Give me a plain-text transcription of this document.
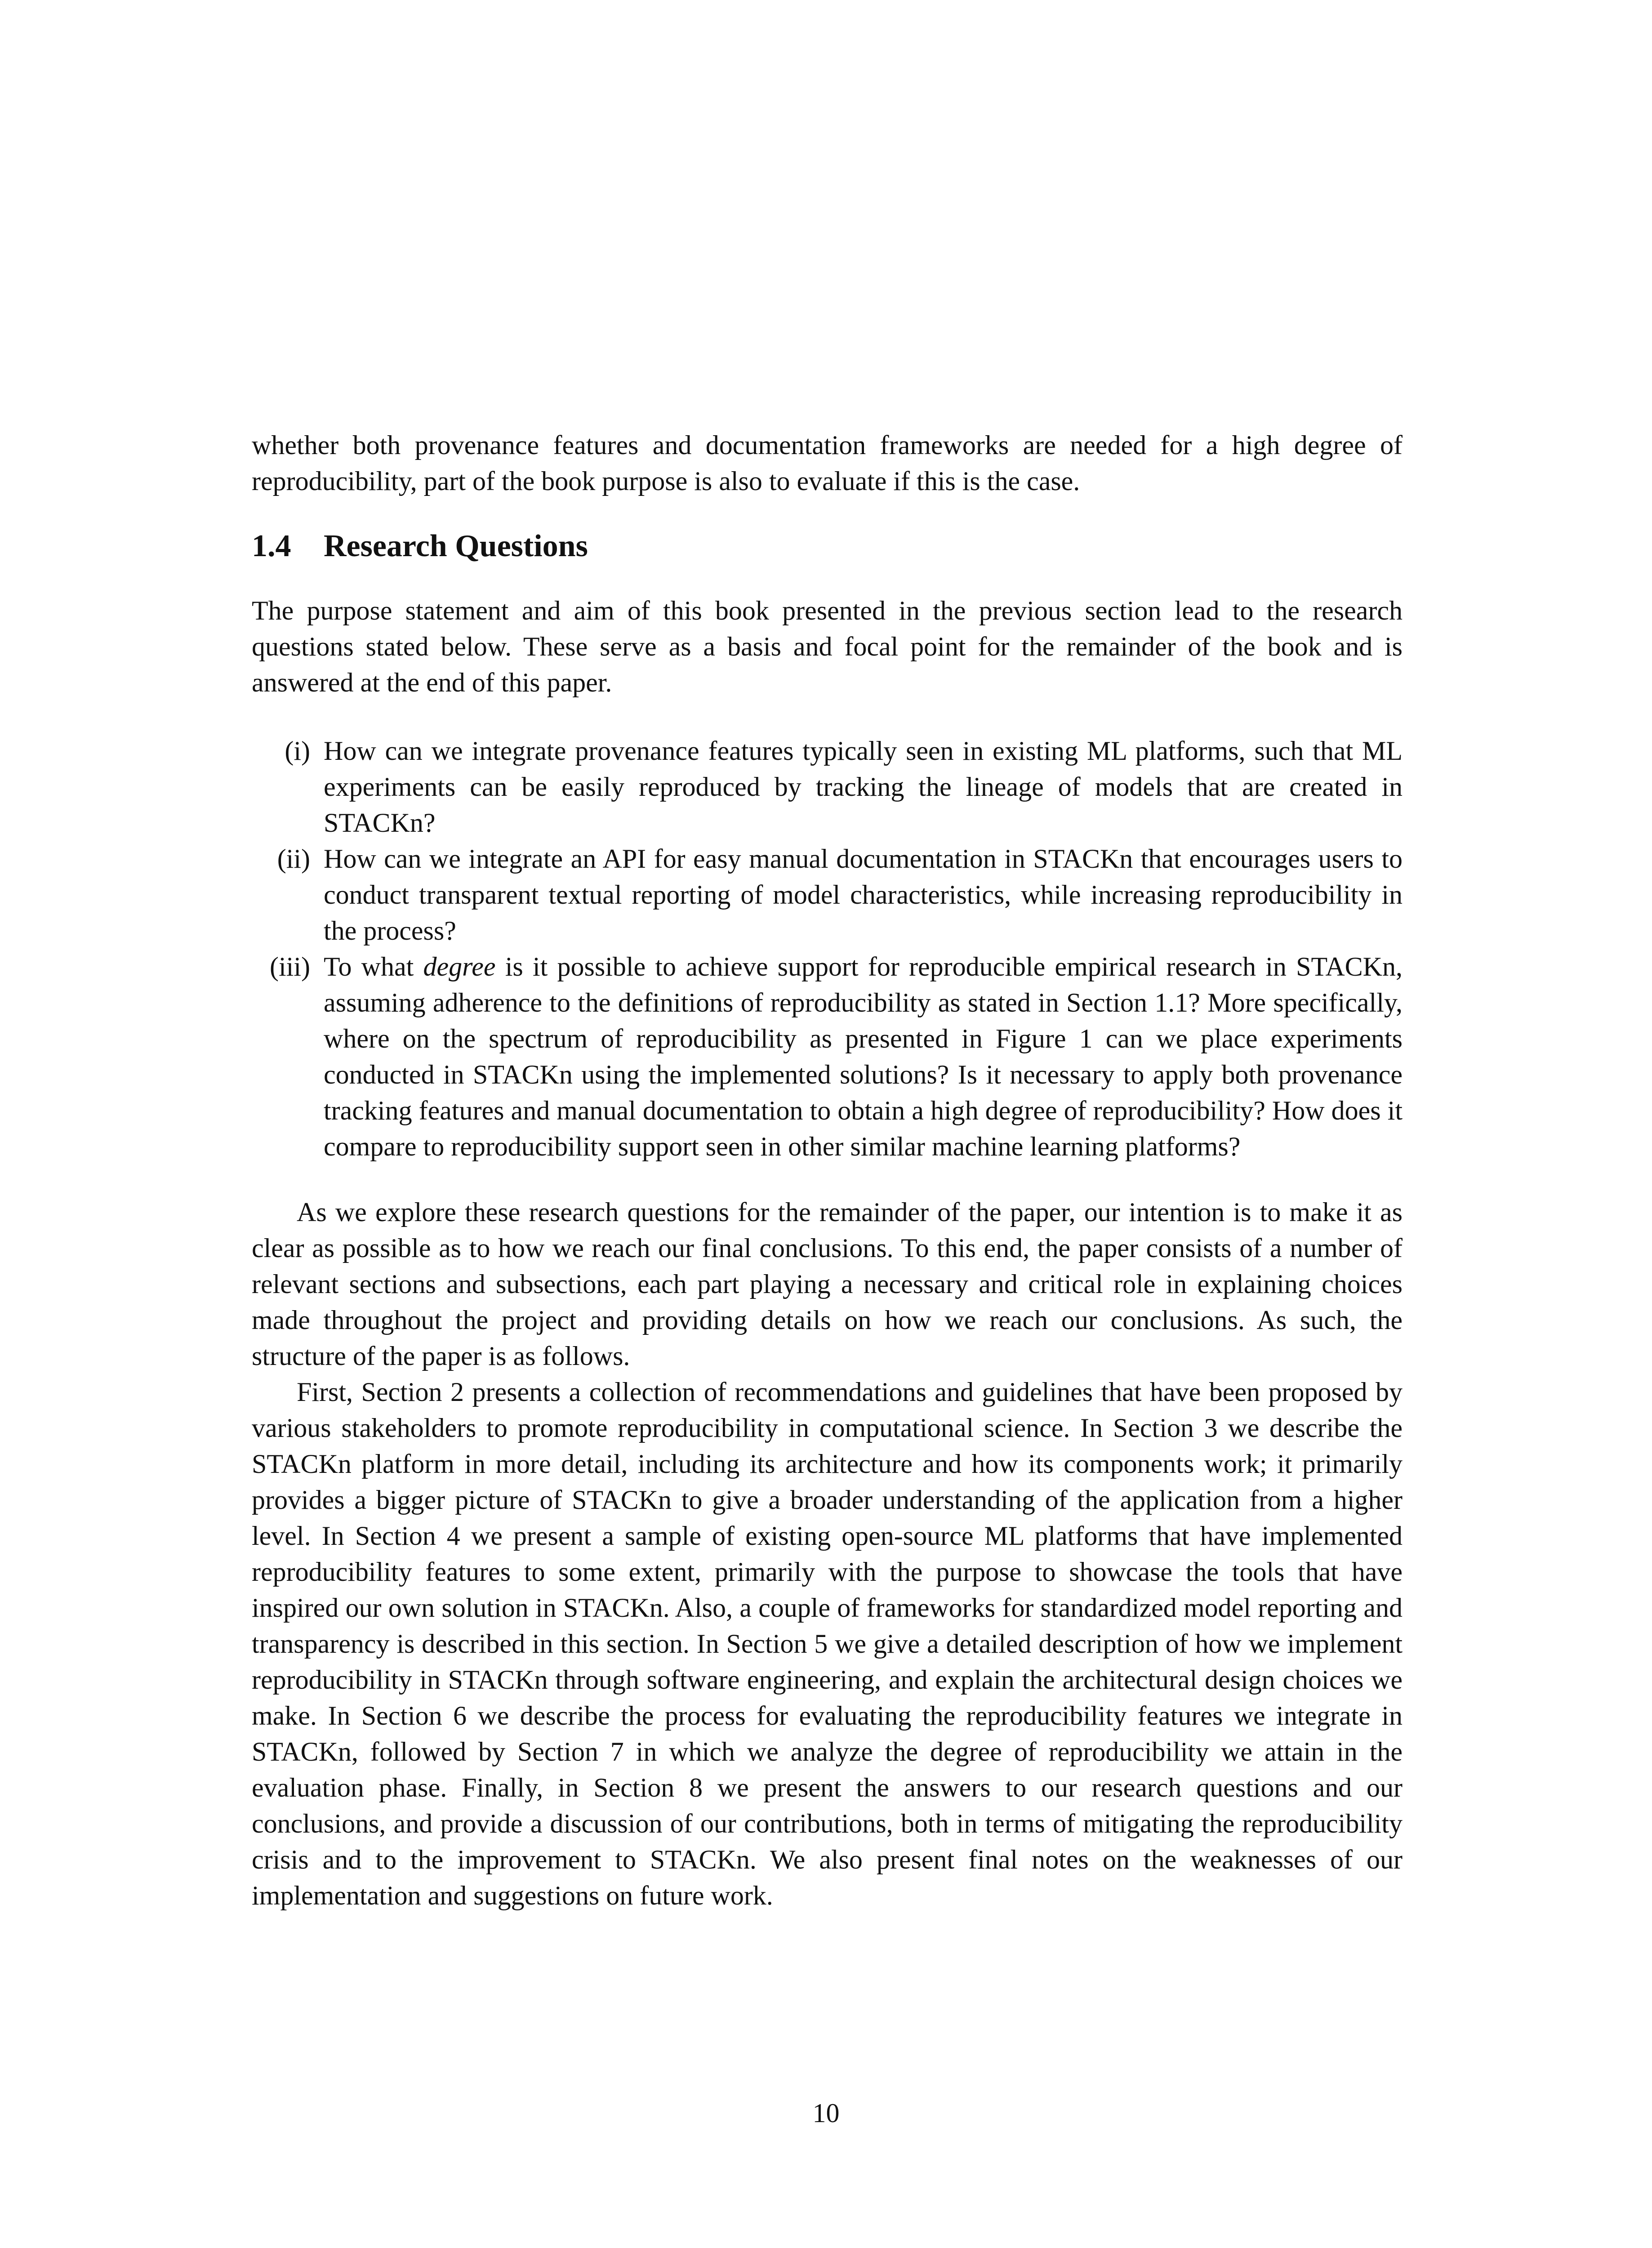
whether both provenance features and documentation frameworks are needed for a high degree of reproducibility, part of the book purpose is also to evaluate if this is the case.

1.4 Research Questions

The purpose statement and aim of this book presented in the previous section lead to the research questions stated below. These serve as a basis and focal point for the remainder of the book and is answered at the end of this paper.

(i) How can we integrate provenance features typically seen in existing ML platforms, such that ML experiments can be easily reproduced by tracking the lineage of models that are created in STACKn?
(ii) How can we integrate an API for easy manual documentation in STACKn that encourages users to conduct transparent textual reporting of model characteristics, while increasing reproducibility in the process?
(iii) To what degree is it possible to achieve support for reproducible empirical research in STACKn, assuming adherence to the definitions of reproducibility as stated in Section 1.1? More specifically, where on the spectrum of reproducibility as presented in Figure 1 can we place experiments conducted in STACKn using the implemented solutions? Is it necessary to apply both provenance tracking features and manual documentation to obtain a high degree of reproducibility? How does it compare to reproducibility support seen in other similar machine learning platforms?

As we explore these research questions for the remainder of the paper, our intention is to make it as clear as possible as to how we reach our final conclusions. To this end, the paper consists of a number of relevant sections and subsections, each part playing a necessary and critical role in explaining choices made throughout the project and providing details on how we reach our conclusions. As such, the structure of the paper is as follows.

First, Section 2 presents a collection of recommendations and guidelines that have been proposed by various stakeholders to promote reproducibility in computational science. In Section 3 we describe the STACKn platform in more detail, including its architecture and how its components work; it primarily provides a bigger picture of STACKn to give a broader understanding of the application from a higher level. In Section 4 we present a sample of existing open-source ML platforms that have implemented reproducibility features to some extent, primarily with the purpose to showcase the tools that have inspired our own solution in STACKn. Also, a couple of frameworks for standardized model reporting and transparency is described in this section. In Section 5 we give a detailed description of how we implement reproducibility in STACKn through software engineering, and explain the architectural design choices we make. In Section 6 we describe the process for evaluating the reproducibility features we integrate in STACKn, followed by Section 7 in which we analyze the degree of reproducibility we attain in the evaluation phase. Finally, in Section 8 we present the answers to our research questions and our conclusions, and provide a discussion of our contributions, both in terms of mitigating the reproducibility crisis and to the improvement to STACKn. We also present final notes on the weaknesses of our implementation and suggestions on future work.

10
